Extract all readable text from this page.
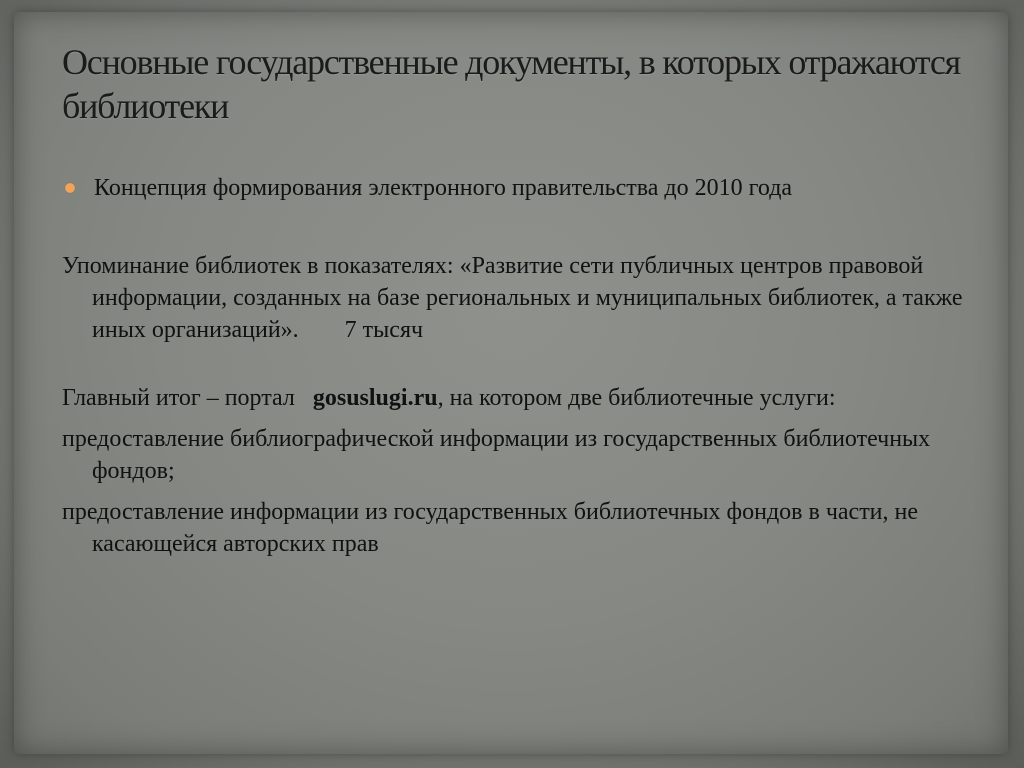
Основные государственные документы, в которых отражаются библиотеки
Концепция формирования электронного правительства до 2010 года
Упоминание библиотек в показателях: «Развитие сети публичных центров правовой информации, созданных на базе региональных и муниципальных библиотек, а также иных организаций». 7 тысяч
Главный итог – портал gosuslugi.ru, на котором две библиотечные услуги:
предоставление библиографической информации из государственных библиотечных фондов;
предоставление информации из государственных библиотечных фондов в части, не касающейся авторских прав
